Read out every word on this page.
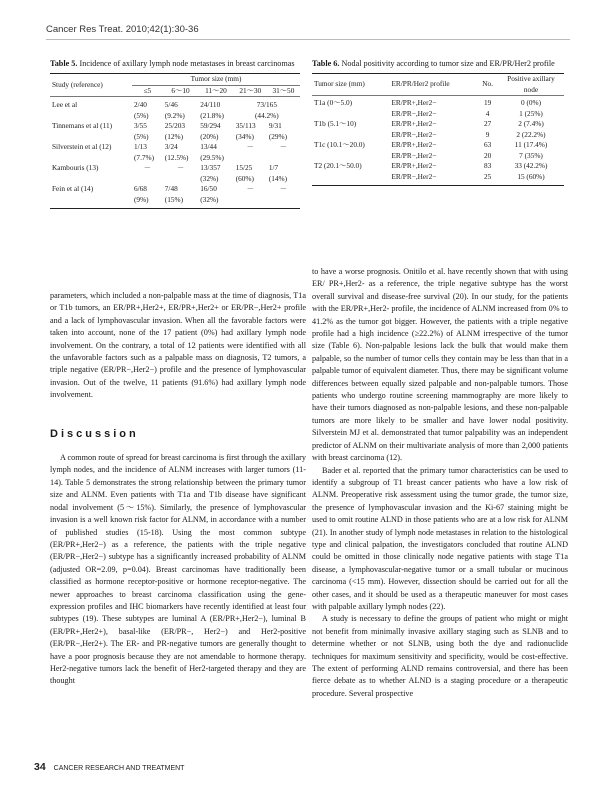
Cancer Res Treat. 2010;42(1):30-36
Table 5. Incidence of axillary lymph node metastases in breast carcinomas
Study (reference)	Tumor size (mm)				
	≤5	6～10	11～20	21～30	31～50
Lee et al	2/40	5/46	24/110	73/165	
	(5%)	(9.2%)	(21.8%)	(44.2%)	
Tinnemans et al (11)	3/55	25/203	59/294	35/113	9/31
	(5%)	(12%)	(20%)	(34%)	(29%)
Silverstein et al (12)	1/13	3/24	13/44	－	－
	(7.7%)	(12.5%)	(29.5%)		
Kambouris (13)	－	－	13/357	15/25	1/7
			(32%)	(60%)	(14%)
Fein et al (14)	6/68	7/48	16/50	－	－
	(9%)	(15%)	(32%)		
Table 6. Nodal positivity according to tumor size and ER/PR/Her2 profile
Tumor size (mm)	ER/PR/Her2 profile	No.	Positive axillary node
T1a (0～5.0)	ER/PR+,Her2−	19	0 (0%)
	ER/PR−,Her2−	4	1 (25%)
T1b (5.1～10)	ER/PR+,Her2−	27	2 (7.4%)
	ER/PR−,Her2−	9	2 (22.2%)
T1c (10.1～20.0)	ER/PR+,Her2−	63	11 (17.4%)
	ER/PR−,Her2−	20	7 (35%)
T2 (20.1～50.0)	ER/PR+,Her2−	83	33 (42.2%)
	ER/PR−,Her2−	25	15 (60%)

parameters, which included a non-palpable mass at the time of diagnosis, T1a or T1b tumors, an ER/PR+,Her2+, ER/PR+,Her2+ or ER/PR−,Her2+ profile and a lack of lymphovascular invasion. When all the favorable factors were taken into account, none of the 17 patient (0%) had axillary lymph node involvement. On the contrary, a total of 12 patients were identified with all the unfavorable factors such as a palpable mass on diagnosis, T2 tumors, a triple negative (ER/PR−,Her2−) profile and the presence of lymphovascular invasion. Out of the twelve, 11 patients (91.6%) had axillary lymph node involvement.

Discussion

A common route of spread for breast carcinoma is first through the axillary lymph nodes, and the incidence of ALNM increases with larger tumors (11-14). Table 5 demonstrates the strong relationship between the primary tumor size and ALNM. Even patients with T1a and T1b disease have significant nodal involvement (5～15%). Similarly, the presence of lymphovascular invasion is a well known risk factor for ALNM, in accordance with a number of published studies (15-18). Using the most common subtype (ER/PR+,Her2−) as a reference, the patients with the triple negative (ER/PR−,Her2−) subtype has a significantly increased probability of ALNM (adjusted OR=2.09, p=0.04). Breast carcinomas have traditionally been classified as hormone receptor-positive or hormone receptor-negative. The newer approaches to breast carcinoma classification using the gene-expression profiles and IHC biomarkers have recently identified at least four subtypes (19). These subtypes are luminal A (ER/PR+,Her2−), luminal B (ER/PR+,Her2+), basal-like (ER/PR−, Her2−) and Her2-positive (ER/PR−,Her2+). The ER- and PR-negative tumors are generally thought to have a poor prognosis because they are not amendable to hormone therapy. Her2-negative tumors lack the benefit of Her2-targeted therapy and they are thought

to have a worse prognosis. Onitilo et al. have recently shown that with using ER/ PR+,Her2- as a reference, the triple negative subtype has the worst overall survival and disease-free survival (20). In our study, for the patients with the ER/PR+,Her2- profile, the incidence of ALNM increased from 0% to 41.2% as the tumor got bigger. However, the patients with a triple negative profile had a high incidence (≥22.2%) of ALNM irrespective of the tumor size (Table 6). Non-palpable lesions lack the bulk that would make them palpable, so the number of tumor cells they contain may be less than that in a palpable tumor of equivalent diameter. Thus, there may be significant volume differences between equally sized palpable and non-palpable tumors. Those patients who undergo routine screening mammography are more likely to have their tumors diagnosed as non-palpable lesions, and these non-palpable tumors are more likely to be smaller and have lower nodal positivity. Silverstein MJ et al. demonstrated that tumor palpability was an independent predictor of ALNM on their multivariate analysis of more than 2,000 patients with breast carcinoma (12).

Bader et al. reported that the primary tumor characteristics can be used to identify a subgroup of T1 breast cancer patients who have a low risk of ALNM. Preoperative risk assessment using the tumor grade, the tumor size, the presence of lymphovascular invasion and the Ki-67 staining might be used to omit routine ALND in those patients who are at a low risk for ALNM (21). In another study of lymph node metastases in relation to the histological type and clinical palpation, the investigators concluded that routine ALND could be omitted in those clinically node negative patients with stage T1a disease, a lymphovascular-negative tumor or a small tubular or mucinous carcinoma (<15 mm). However, dissection should be carried out for all the other cases, and it should be used as a therapeutic maneuver for most cases with palpable axillary lymph nodes (22).

A study is necessary to define the groups of patient who might or might not benefit from minimally invasive axillary staging such as SLNB and to determine whether or not SLNB, using both the dye and radionuclide techniques for maximum sensitivity and specificity, would be cost-effective. The extent of performing ALND remains controversial, and there has been fierce debate as to whether ALND is a staging procedure or a therapeutic procedure. Several prospective

34 CANCER RESEARCH AND TREATMENT
